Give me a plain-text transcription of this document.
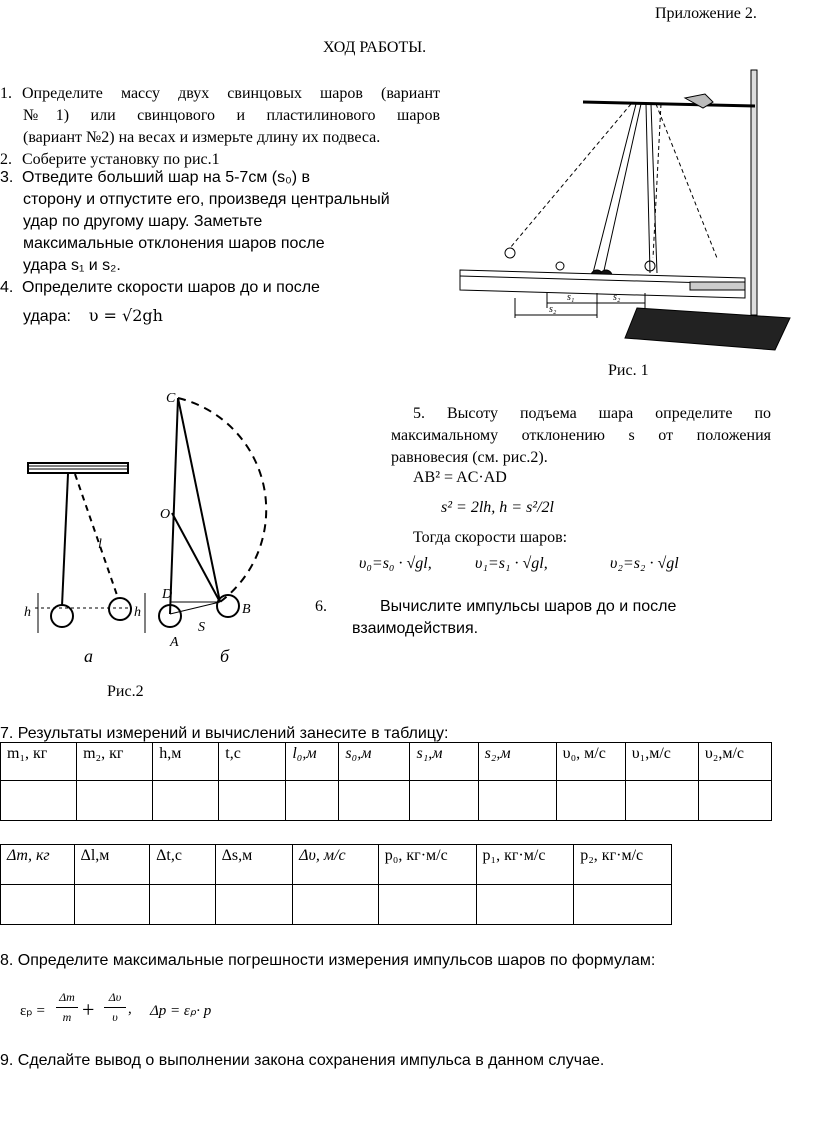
Приложение 2.
ХОД РАБОТЫ.
1. Определите массу двух свинцовых шаров (вариант
№1) или свинцового и пластилинового шаров
(вариант №2) на весах и измерьте длину их подвеса.
2. Соберите установку по рис.1
3. Отведите больший шар на 5-7см (s₀) в
сторону и отпустите его, произведя центральный
удар по другому шару. Заметьте
максимальные отклонения шаров после
удара s₁ и s₂.
4. Определите скорости шаров до и после
удара: υ = √2gh
s₁	s₂
s₂
Рис. 1
C
O
D
A
B
S
l
h	h
а	б
Рис.2
5. Высоту подъема шара определите по
максимальному отклонению s от положения
равновесия (см. рис.2).
AB² = AC·AD
s² = 2lh, h = s²/2l
Тогда скорости шаров:
υ₀=s₀ · √gl,	υ₁=s₁ · √gl,	υ₂=s₂ · √gl
6.	Вычислите импульсы шаров до и после
взаимодействия.
7. Результаты измерений и вычислений занесите в таблицу:
m₁, кг	m₂, кг	h,м	t,c	l₀,м	s₀,м	s₁,м	s₂,м	υ₀, м/с	υ₁,м/с	υ₂,м/с

Δm, кг	Δl,м	Δt,c	Δs,м	Δυ, м/с	p₀, кг·м/с	p₁, кг·м/с	p₂, кг·м/с

8. Определите максимальные погрешности измерения импульсов шаров по формулам:
εₚ =
Δm
m +	Δυ
υ , Δp = εₚ· p
9. Сделайте вывод о выполнении закона сохранения импульса в данном случае.
